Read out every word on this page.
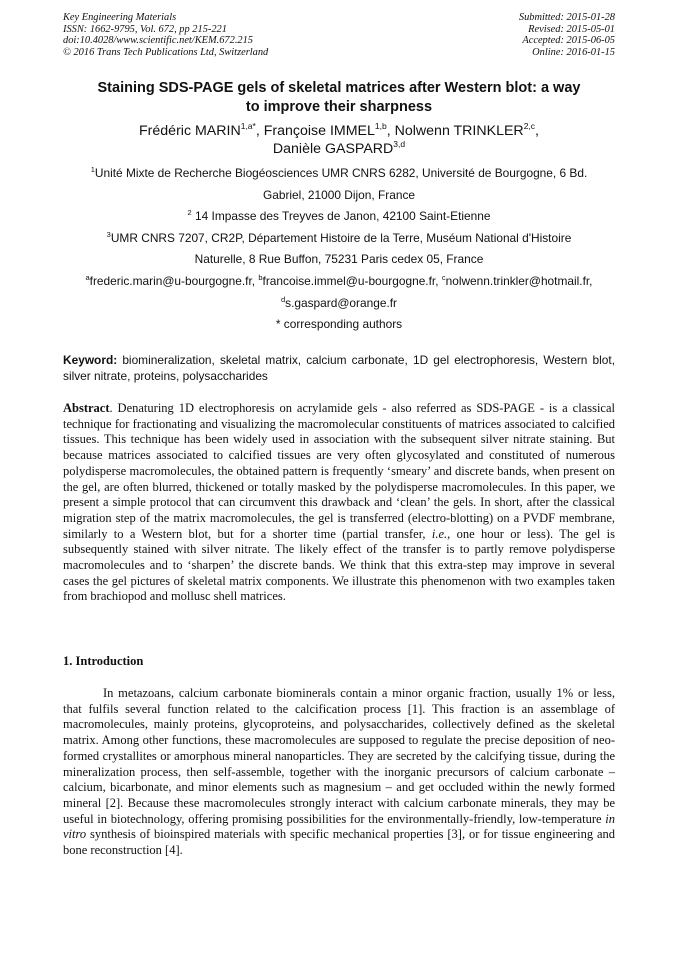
Key Engineering Materials
ISSN: 1662-9795, Vol. 672, pp 215-221
doi:10.4028/www.scientific.net/KEM.672.215
© 2016 Trans Tech Publications Ltd, Switzerland
Submitted: 2015-01-28
Revised: 2015-05-01
Accepted: 2015-06-05
Online: 2016-01-15
Staining SDS-PAGE gels of skeletal matrices after Western blot: a way
to improve their sharpness
Frédéric $MARIN^{1,a*}$, Françoise IMMEL$^{1,b}$, Nolwenn TRINKLER$^{2,c}$,
Danièle GASPARD$^{3,d}$
$^1$Unité Mixte de Recherche Biogéosciences UMR CNRS 6282, Université de Bourgogne, 6 Bd.
Gabriel, 21000 Dijon, France
$^2$ 14 Impasse des Treyves de Janon, 42100 Saint-Etienne
$^3$UMR CNRS 7207, CR2P, Département Histoire de la Terre, Muséum National d'Histoire
Naturelle, 8 Rue Buffon, 75231 Paris cedex 05, France
$^a$frederic.marin@u-bourgogne.fr, $^b$francoise.immel@u-bourgogne.fr, $^c$nolwenn.trinkler@hotmail.fr,
$^d$s.gaspard@orange.fr
* corresponding authors
Keyword: biomineralization, skeletal matrix, calcium carbonate, 1D gel electrophoresis, Western blot, silver nitrate, proteins, polysaccharides
Abstract. Denaturing 1D electrophoresis on acrylamide gels - also referred as SDS-PAGE - is a classical technique for fractionating and visualizing the macromolecular constituents of matrices associated to calcified tissues. This technique has been widely used in association with the subsequent silver nitrate staining. But because matrices associated to calcified tissues are very often glycosylated and constituted of numerous polydisperse macromolecules, the obtained pattern is frequently ‘smeary’ and discrete bands, when present on the gel, are often blurred, thickened or totally masked by the polydisperse macromolecules. In this paper, we present a simple protocol that can circumvent this drawback and ‘clean’ the gels. In short, after the classical migration step of the matrix macromolecules, the gel is transferred (electro-blotting) on a PVDF membrane, similarly to a Western blot, but for a shorter time (partial transfer, i.e., one hour or less). The gel is subsequently stained with silver nitrate. The likely effect of the transfer is to partly remove polydisperse macromolecules and to ‘sharpen’ the discrete bands. We think that this extra-step may improve in several cases the gel pictures of skeletal matrix components. We illustrate this phenomenon with two examples taken from brachiopod and mollusc shell matrices.
1. Introduction
In metazoans, calcium carbonate biominerals contain a minor organic fraction, usually 1% or less, that fulfils several function related to the calcification process [1]. This fraction is an assemblage of macromolecules, mainly proteins, glycoproteins, and polysaccharides, collectively defined as the skeletal matrix. Among other functions, these macromolecules are supposed to regulate the precise deposition of neo-formed crystallites or amorphous mineral nanoparticles. They are secreted by the calcifying tissue, during the mineralization process, then self-assemble, together with the inorganic precursors of calcium carbonate – calcium, bicarbonate, and minor elements such as magnesium – and get occluded within the newly formed mineral [2]. Because these macromolecules strongly interact with calcium carbonate minerals, they may be useful in biotechnology, offering promising possibilities for the environmentally-friendly, low-temperature in vitro synthesis of bioinspired materials with specific mechanical properties [3], or for tissue engineering and bone reconstruction [4].
